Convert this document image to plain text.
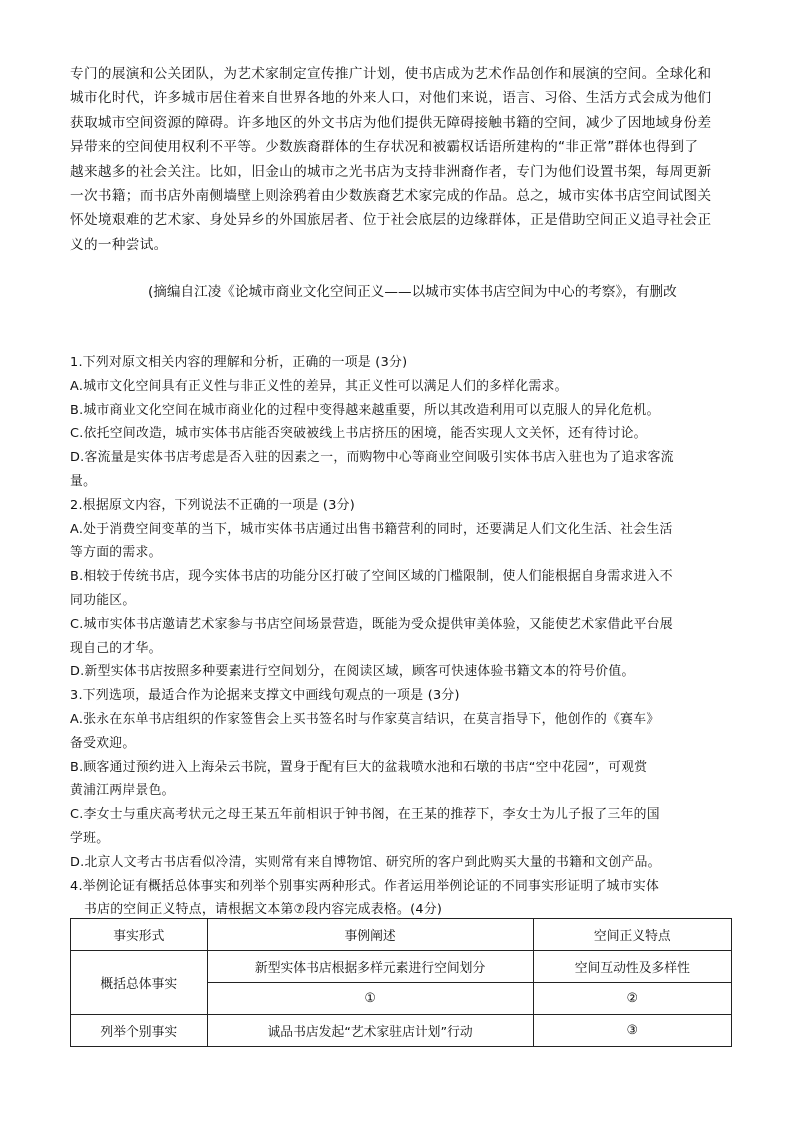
专门的展演和公关团队，为艺术家制定宣传推广计划，使书店成为艺术作品创作和展演的空间。全球化和

城市化时代，许多城市居住着来自世界各地的外来人口，对他们来说，语言、习俗、生活方式会成为他们

获取城市空间资源的障碍。许多地区的外文书店为他们提供无障碍接触书籍的空间，减少了因地域身份差

异带来的空间使用权利不平等。少数族裔群体的生存状况和被霸权话语所建构的“非正常”群体也得到了

越来越多的社会关注。比如，旧金山的城市之光书店为支持非洲裔作者，专门为他们设置书架，每周更新

一次书籍；而书店外南侧墙壁上则涂鸦着由少数族裔艺术家完成的作品。总之，城市实体书店空间试图关

怀处境艰难的艺术家、身处异乡的外国旅居者、位于社会底层的边缘群体，正是借助空间正义追寻社会正

义的一种尝试。

(摘编自江凌《论城市商业文化空间正义——以城市实体书店空间为中心的考察》，有删改
1.下列对原文相关内容的理解和分析，正确的一项是 (3分)
A.城市文化空间具有正义性与非正义性的差异，其正义性可以满足人们的多样化需求。
B.城市商业文化空间在城市商业化的过程中变得越来越重要，所以其改造利用可以克服人的异化危机。
C.依托空间改造，城市实体书店能否突破被线上书店挤压的困境，能否实现人文关怀，还有待讨论。
D.客流量是实体书店考虑是否入驻的因素之一，而购物中心等商业空间吸引实体书店入驻也为了追求客流
量。
2.根据原文内容，下列说法不正确的一项是 (3分)
A.处于消费空间变革的当下，城市实体书店通过出售书籍营利的同时，还要满足人们文化生活、社会生活
等方面的需求。
B.相较于传统书店，现今实体书店的功能分区打破了空间区域的门槛限制，使人们能根据自身需求进入不
同功能区。
C.城市实体书店邀请艺术家参与书店空间场景营造，既能为受众提供审美体验，又能使艺术家借此平台展
现自己的才华。
D.新型实体书店按照多种要素进行空间划分，在阅读区域，顾客可快速体验书籍文本的符号价值。
3.下列选项，最适合作为论据来支撑文中画线句观点的一项是 (3分)
A.张永在东单书店组织的作家签售会上买书签名时与作家莫言结识，在莫言指导下，他创作的《赛车》
备受欢迎。
B.顾客通过预约进入上海朵云书院，置身于配有巨大的盆栽喷水池和石墩的书店“空中花园”，可观赏
黄浦江两岸景色。
C.李女士与重庆高考状元之母王某五年前相识于钟书阁，在王某的推荐下，李女士为儿子报了三年的国
学班。
D.北京人文考古书店看似冷清，实则常有来自博物馆、研究所的客户到此购买大量的书籍和文创产品。
4.举例论证有概括总体事实和列举个别事实两种形式。作者运用举例论证的不同事实形证明了城市实体
书店的空间正义特点，请根据文本第⑦段内容完成表格。(4分)
事实形式	事例阐述	空间正义特点
概括总体事实	新型实体书店根据多样元素进行空间划分	空间互动性及多样性
	①	②
列举个别事实	诚品书店发起“艺术家驻店计划”行动	③
